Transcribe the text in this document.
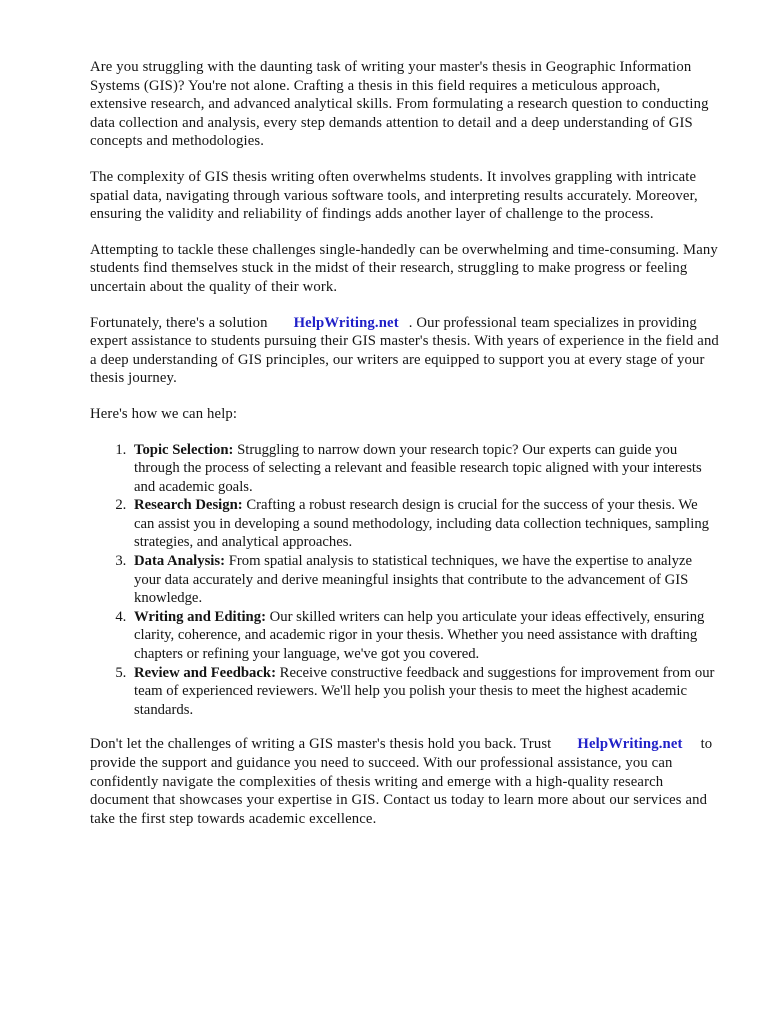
Are you struggling with the daunting task of writing your master's thesis in Geographic Information Systems (GIS)? You're not alone. Crafting a thesis in this field requires a meticulous approach, extensive research, and advanced analytical skills. From formulating a research question to conducting data collection and analysis, every step demands attention to detail and a deep understanding of GIS concepts and methodologies.

The complexity of GIS thesis writing often overwhelms students. It involves grappling with intricate spatial data, navigating through various software tools, and interpreting results accurately. Moreover, ensuring the validity and reliability of findings adds another layer of challenge to the process.

Attempting to tackle these challenges single-handedly can be overwhelming and time-consuming. Many students find themselves stuck in the midst of their research, struggling to make progress or feeling uncertain about the quality of their work.

Fortunately, there's a solution HelpWriting.net . Our professional team specializes in providing expert assistance to students pursuing their GIS master's thesis. With years of experience in the field and a deep understanding of GIS principles, our writers are equipped to support you at every stage of your thesis journey.

Here's how we can help:

1. Topic Selection: Struggling to narrow down your research topic? Our experts can guide you through the process of selecting a relevant and feasible research topic aligned with your interests and academic goals.
2. Research Design: Crafting a robust research design is crucial for the success of your thesis. We can assist you in developing a sound methodology, including data collection techniques, sampling strategies, and analytical approaches.
3. Data Analysis: From spatial analysis to statistical techniques, we have the expertise to analyze your data accurately and derive meaningful insights that contribute to the advancement of GIS knowledge.
4. Writing and Editing: Our skilled writers can help you articulate your ideas effectively, ensuring clarity, coherence, and academic rigor in your thesis. Whether you need assistance with drafting chapters or refining your language, we've got you covered.
5. Review and Feedback: Receive constructive feedback and suggestions for improvement from our team of experienced reviewers. We'll help you polish your thesis to meet the highest academic standards.

Don't let the challenges of writing a GIS master's thesis hold you back. Trust HelpWriting.net to provide the support and guidance you need to succeed. With our professional assistance, you can confidently navigate the complexities of thesis writing and emerge with a high-quality research document that showcases your expertise in GIS. Contact us today to learn more about our services and take the first step towards academic excellence.
